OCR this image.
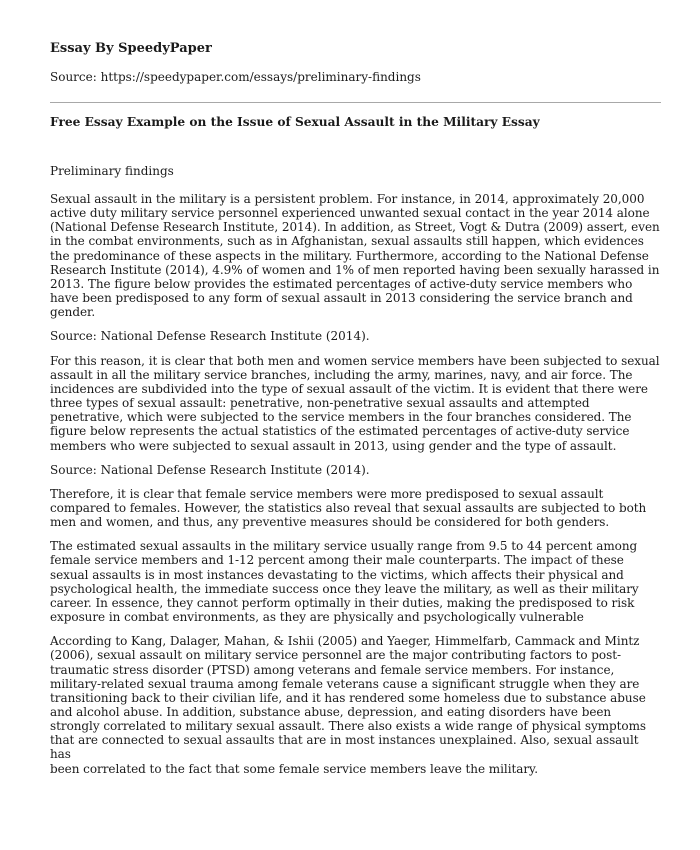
Essay By SpeedyPaper
Source: https://speedypaper.com/essays/preliminary-findings
Free Essay Example on the Issue of Sexual Assault in the Military Essay
Preliminary findings
Sexual assault in the military is a persistent problem. For instance, in 2014, approximately 20,000
active duty military service personnel experienced unwanted sexual contact in the year 2014 alone
(National Defense Research Institute, 2014). In addition, as Street, Vogt & Dutra (2009) assert, even
in the combat environments, such as in Afghanistan, sexual assaults still happen, which evidences
the predominance of these aspects in the military. Furthermore, according to the National Defense
Research Institute (2014), 4.9% of women and 1% of men reported having been sexually harassed in
2013. The figure below provides the estimated percentages of active-duty service members who
have been predisposed to any form of sexual assault in 2013 considering the service branch and
gender.
Source: National Defense Research Institute (2014).
For this reason, it is clear that both men and women service members have been subjected to sexual
assault in all the military service branches, including the army, marines, navy, and air force. The
incidences are subdivided into the type of sexual assault of the victim. It is evident that there were
three types of sexual assault: penetrative, non-penetrative sexual assaults and attempted
penetrative, which were subjected to the service members in the four branches considered. The
figure below represents the actual statistics of the estimated percentages of active-duty service
members who were subjected to sexual assault in 2013, using gender and the type of assault.
Source: National Defense Research Institute (2014).
Therefore, it is clear that female service members were more predisposed to sexual assault
compared to females. However, the statistics also reveal that sexual assaults are subjected to both
men and women, and thus, any preventive measures should be considered for both genders.
The estimated sexual assaults in the military service usually range from 9.5 to 44 percent among
female service members and 1-12 percent among their male counterparts. The impact of these
sexual assaults is in most instances devastating to the victims, which affects their physical and
psychological health, the immediate success once they leave the military, as well as their military
career. In essence, they cannot perform optimally in their duties, making the predisposed to risk
exposure in combat environments, as they are physically and psychologically vulnerable
According to Kang, Dalager, Mahan, & Ishii (2005) and Yaeger, Himmelfarb, Cammack and Mintz
(2006), sexual assault on military service personnel are the major contributing factors to post-
traumatic stress disorder (PTSD) among veterans and female service members. For instance,
military-related sexual trauma among female veterans cause a significant struggle when they are
transitioning back to their civilian life, and it has rendered some homeless due to substance abuse
and alcohol abuse. In addition, substance abuse, depression, and eating disorders have been
strongly correlated to military sexual assault. There also exists a wide range of physical symptoms
that are connected to sexual assaults that are in most instances unexplained. Also, sexual assault has
been correlated to the fact that some female service members leave the military.
